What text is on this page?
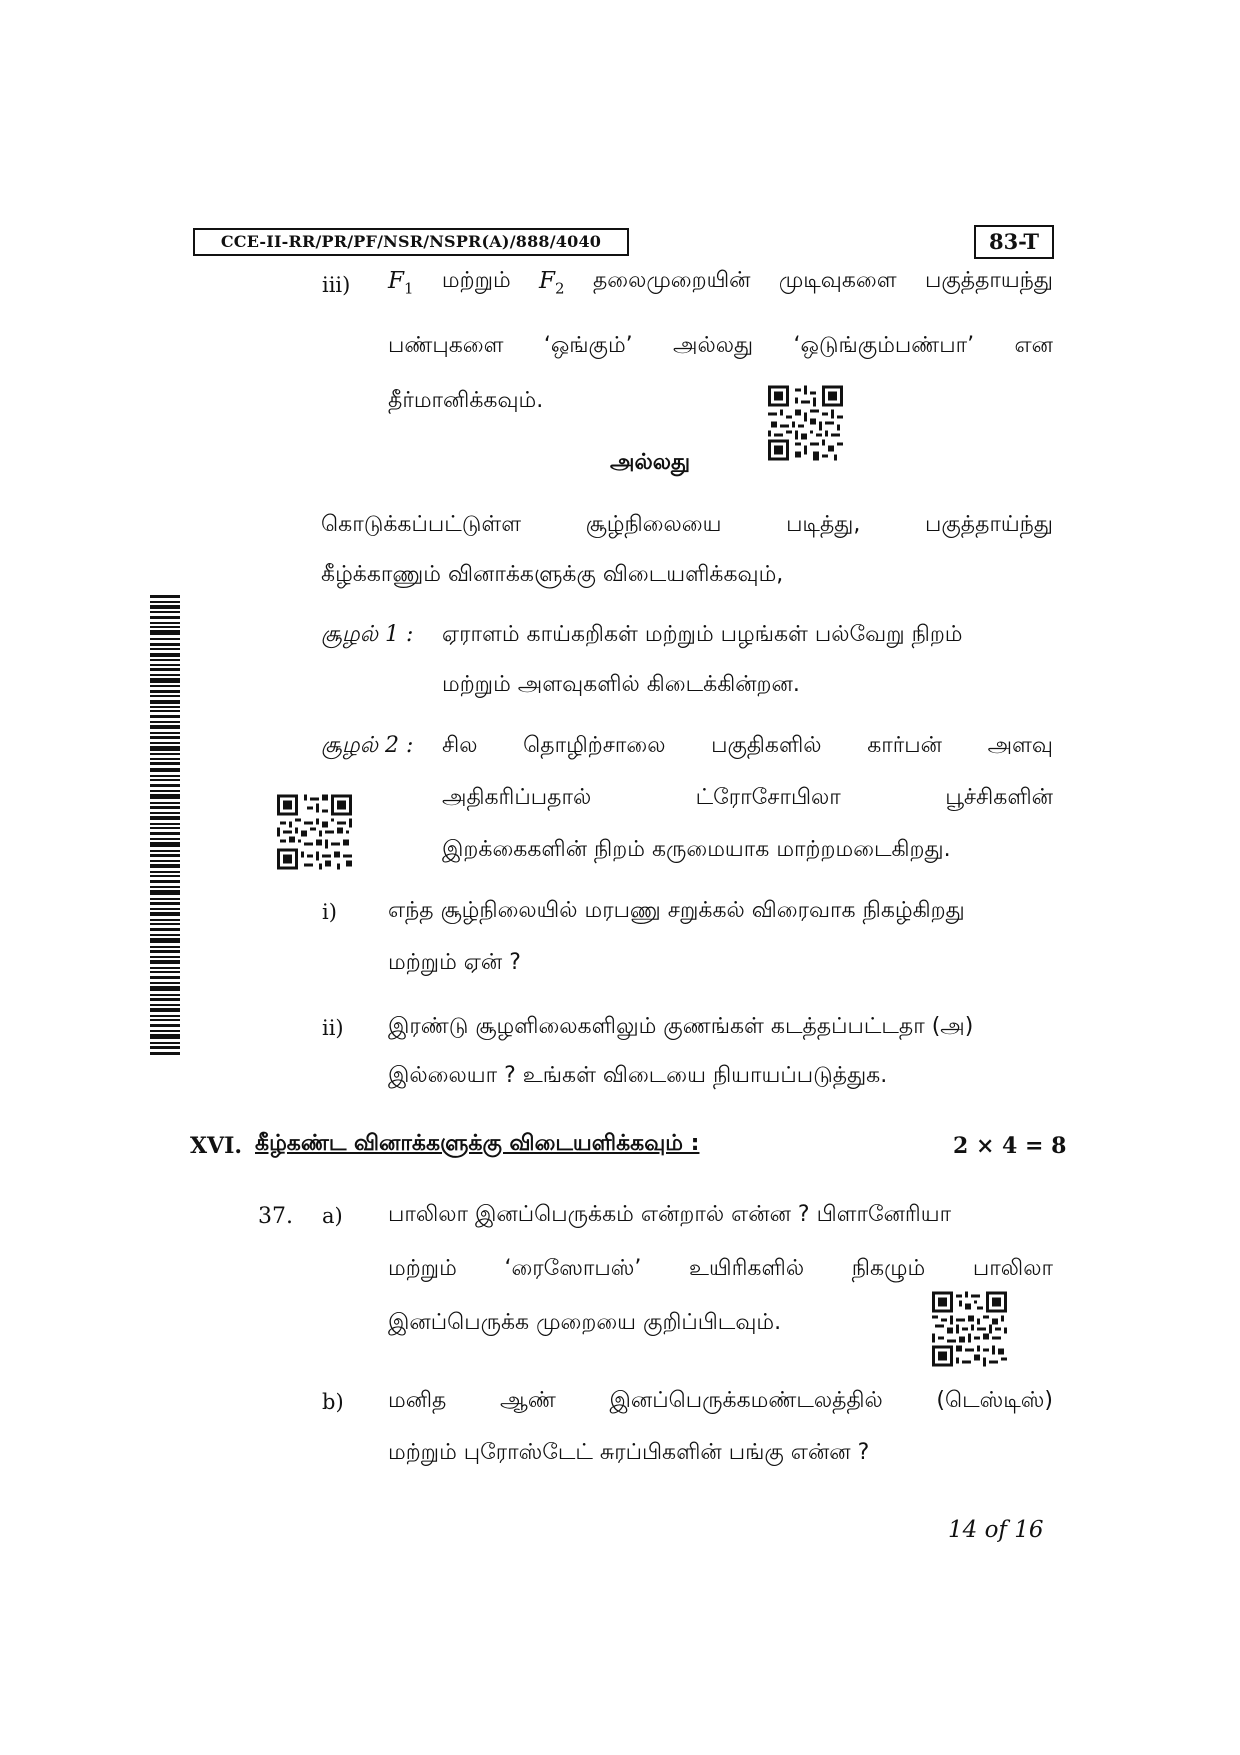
CCE-II-RR/PR/PF/NSR/NSPR(A)/888/4040	83-T
iii) $F_1$ மற்றும் $F_2$ தலைமுறையின் முடிவுகளை பகுத்தாயந்து
பண்புகளை ‘ஒங்கும்’ அல்லது ‘ஒடுங்கும்பண்பா’ என
தீர்மானிக்கவும்.
அல்லது
கொடுக்கப்பட்டுள்ள	சூழ்நிலையை	படித்து,	பகுத்தாய்ந்து
கீழ்க்காணும் வினாக்களுக்கு விடையளிக்கவும்,
சூழல் 1 : ஏராளம் காய்கறிகள் மற்றும் பழங்கள் பல்வேறு நிறம்
மற்றும் அளவுகளில் கிடைக்கின்றன.
சூழல் 2 : சில தொழிற்சாலை பகுதிகளில் கார்பன் அளவு
அதிகரிப்பதால்	ட்ரோசோபிலா	பூச்சிகளின்
இறக்கைகளின் நிறம் கருமையாக மாற்றமடைகிறது.
i) எந்த சூழ்நிலையில் மரபணு சறுக்கல் விரைவாக நிகழ்கிறது
மற்றும் ஏன் ?
ii) இரண்டு சூழளிலைகளிலும் குணங்கள் கடத்தப்பட்டதா (அ)
இல்லையா ? உங்கள் விடையை நியாயப்படுத்துக.
XVI. கீழ்கண்ட வினாக்களுக்கு விடையளிக்கவும் :	2 × 4 = 8
37. a) பாலிலா இனப்பெருக்கம் என்றால் என்ன ? பிளானேரியா
மற்றும் ‘ரைஸோபஸ்’ உயிரிகளில் நிகழும் பாலிலா
இனப்பெருக்க முறையை குறிப்பிடவும்.
b) மனித ஆண் இனப்பெருக்கமண்டலத்தில் (டெஸ்டிஸ்)
மற்றும் புரோஸ்டேட் சுரப்பிகளின் பங்கு என்ன ?
14 of 16
